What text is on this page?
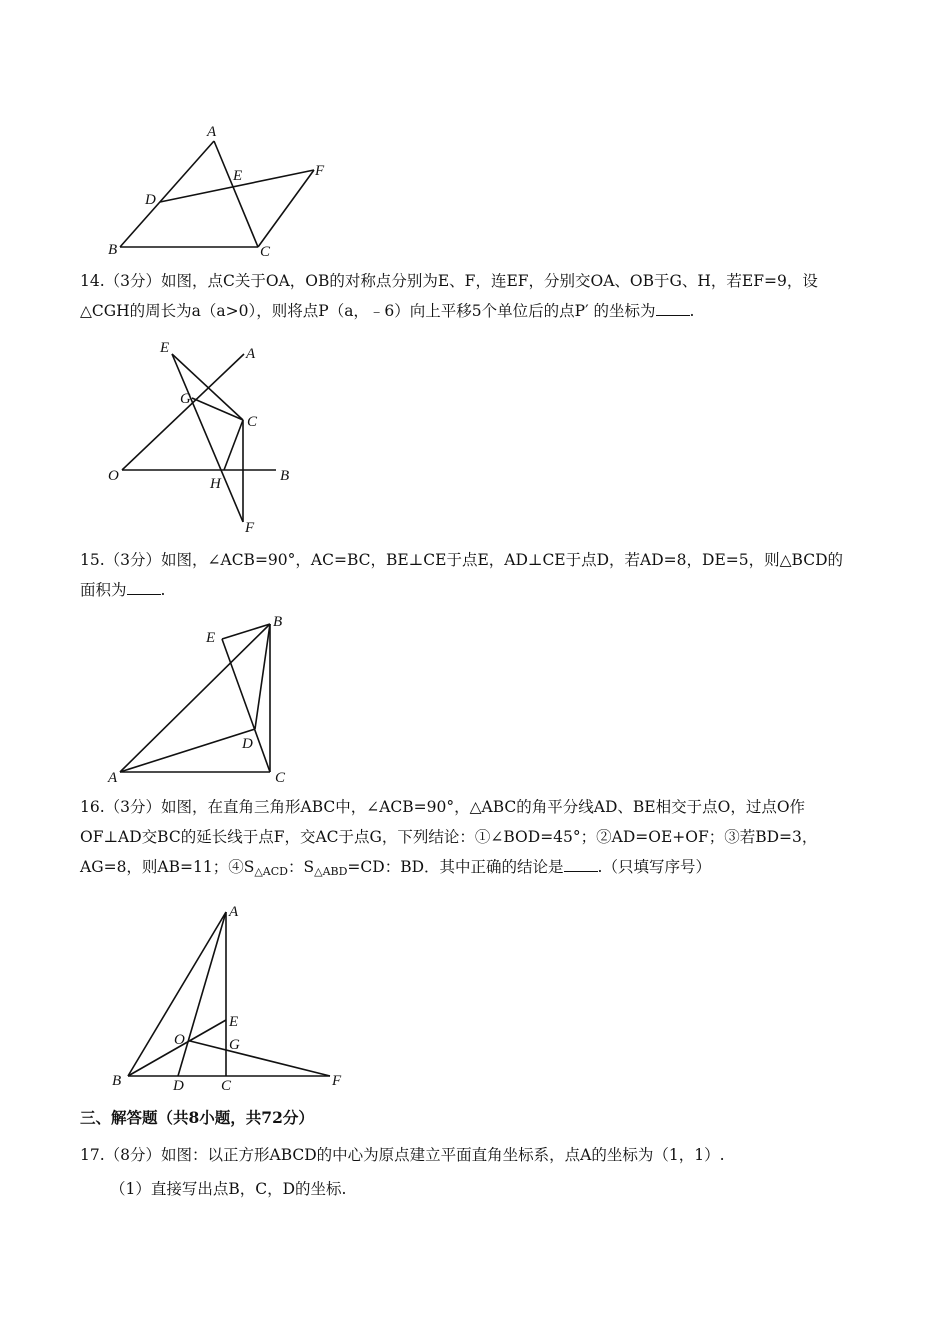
A
B	C
D
E	F

14.（3分）如图，点C关于OA，OB的对称点分别为E、F，连EF，分别交OA、OB于G、H，若EF=9，设

△CGH的周长为a（a>0），则将点P（a，﹣6）向上平移5个单位后的点P′ 的坐标为 .

E	A
G
C
O	H	B
F

15.（3分）如图，∠ACB=90°，AC=BC，BE⊥CE于点E，AD⊥CE于点D，若AD=8，DE=5，则△BCD的

面积为 .

E
B
D
A	C

16.（3分）如图，在直角三角形ABC中，∠ACB=90°，△ABC的角平分线AD、BE相交于点O，过点O作

OF⊥AD交BC的延长线于点F，交AC于点G，下列结论：①∠BOD=45°；②AD=OE+OF；③若BD=3，

AG=8，则AB=11；④S△ACD：S△ABD=CD：BD．其中正确的结论是 .（只填写序号）

A
E
O	G
B	D C	F
三、解答题（共8小题，共72分）

17.（8分）如图：以正方形ABCD的中心为原点建立平面直角坐标系，点A的坐标为（1，1）.

（1）直接写出点B，C，D的坐标.
